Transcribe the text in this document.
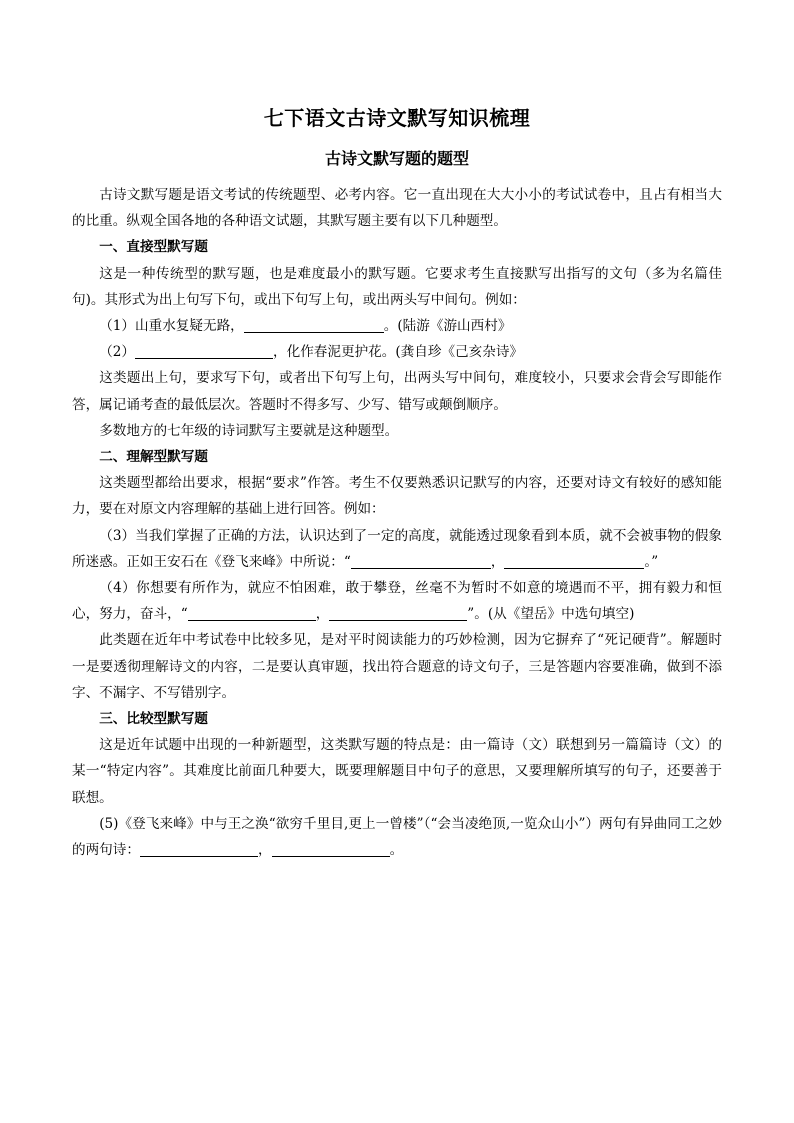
七下语文古诗文默写知识梳理
古诗文默写题的题型

古诗文默写题是语文考试的传统题型、必考内容。它一直出现在大大小小的考试试卷中，且占有相当大的比重。纵观全国各地的各种语文试题，其默写题主要有以下几种题型。

一、直接型默写题

这是一种传统型的默写题，也是难度最小的默写题。它要求考生直接默写出指写的文句（多为名篇佳句)。其形式为出上句写下句，或出下句写上句，或出两头写中间句。例如：

（1）山重水复疑无路，	。(陆游《游山西村》

（2）	，化作春泥更护花。(龚自珍《己亥杂诗》

这类题出上句，要求写下句，或者出下句写上句，出两头写中间句，难度较小，只要求会背会写即能作答，属记诵考查的最低层次。答题时不得多写、少写、错写或颠倒顺序。

多数地方的七年级的诗词默写主要就是这种题型。

二、理解型默写题

这类题型都给出要求，根据“要求”作答。考生不仅要熟悉识记默写的内容，还要对诗文有较好的感知能力，要在对原文内容理解的基础上进行回答。例如：

（3）当我们掌握了正确的方法，认识达到了一定的高度，就能透过现象看到本质，就不会被事物的假象所迷惑。正如王安石在《登飞来峰》中所说：“	，	。”

（4）你想要有所作为，就应不怕困难，敢于攀登，丝毫不为暂时不如意的境遇而不平，拥有毅力和恒心，努力，奋斗，“	，	”。(从《望岳》中选句填空)

此类题在近年中考试卷中比较多见，是对平时阅读能力的巧妙检测，因为它摒弃了“死记硬背”。解题时一是要透彻理解诗文的内容，二是要认真审题，找出符合题意的诗文句子，三是答题内容要准确，做到不添字、不漏字、不写错别字。

三、比较型默写题

这是近年试题中出现的一种新题型，这类默写题的特点是：由一篇诗（文）联想到另一篇篇诗（文）的某一“特定内容”。其难度比前面几种要大，既要理解题目中句子的意思，又要理解所填写的句子，还要善于联想。

(5)《登飞来峰》中与王之涣“欲穷千里目,更上一曾楼”（“会当凌绝顶,一览众山小”）两句有异曲同工之妙的两句诗：	，	。
